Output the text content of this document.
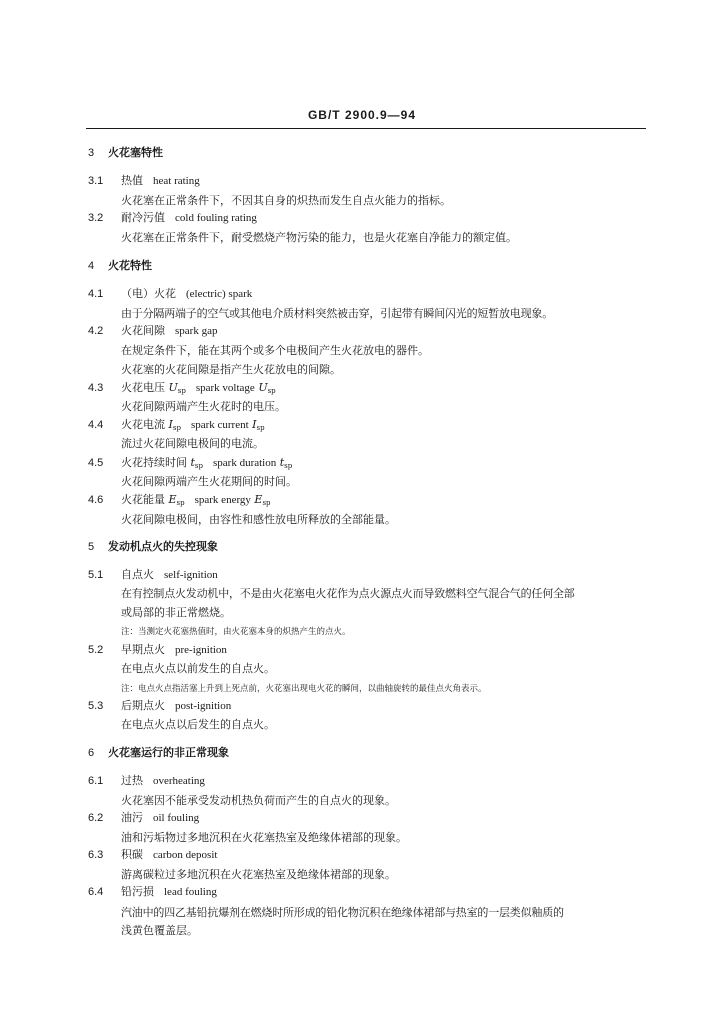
GB/T 2900.9—94
3 火花塞特性
3.1 热值 heat rating
火花塞在正常条件下，不因其自身的炽热而发生自点火能力的指标。
3.2 耐冷污值 cold fouling rating
火花塞在正常条件下，耐受燃烧产物污染的能力，也是火花塞自净能力的额定值。
4 火花特性
4.1 （电）火花 (electric) spark
由于分隔两端子的空气或其他电介质材料突然被击穿，引起带有瞬间闪光的短暂放电现象。
4.2 火花间隙 spark gap
在规定条件下，能在其两个或多个电极间产生火花放电的器件。
火花塞的火花间隙是指产生火花放电的间隙。
4.3 火花电压 $U_{sp}$ spark voltage $U_{sp}$
火花间隙两端产生火花时的电压。
4.4 火花电流 $I_{sp}$ spark current $I_{sp}$
流过火花间隙电极间的电流。
4.5 火花持续时间 $t_{sp}$ spark duration $t_{sp}$
火花间隙两端产生火花期间的时间。
4.6 火花能量 $E_{sp}$ spark energy $E_{sp}$
火花间隙电极间，由容性和感性放电所释放的全部能量。
5 发动机点火的失控现象
5.1 自点火 self-ignition
在有控制点火发动机中，不是由火花塞电火花作为点火源点火而导致燃料空气混合气的任何全部
或局部的非正常燃烧。
注：当测定火花塞热值时，由火花塞本身的炽热产生的点火。
5.2 早期点火 pre-ignition
在电点火点以前发生的自点火。
注：电点火点指活塞上升到上死点前，火花塞出现电火花的瞬间，以曲轴旋转的最佳点火角表示。
5.3 后期点火 post-ignition
在电点火点以后发生的自点火。
6 火花塞运行的非正常现象
6.1 过热 overheating
火花塞因不能承受发动机热负荷而产生的自点火的现象。
6.2 油污 oil fouling
油和污垢物过多地沉积在火花塞热室及绝缘体裙部的现象。
6.3 积碳 carbon deposit
游离碳粒过多地沉积在火花塞热室及绝缘体裙部的现象。
6.4 铅污损 lead fouling
汽油中的四乙基铅抗爆剂在燃烧时所形成的铅化物沉积在绝缘体裙部与热室的一层类似釉质的
浅黄色覆盖层。
